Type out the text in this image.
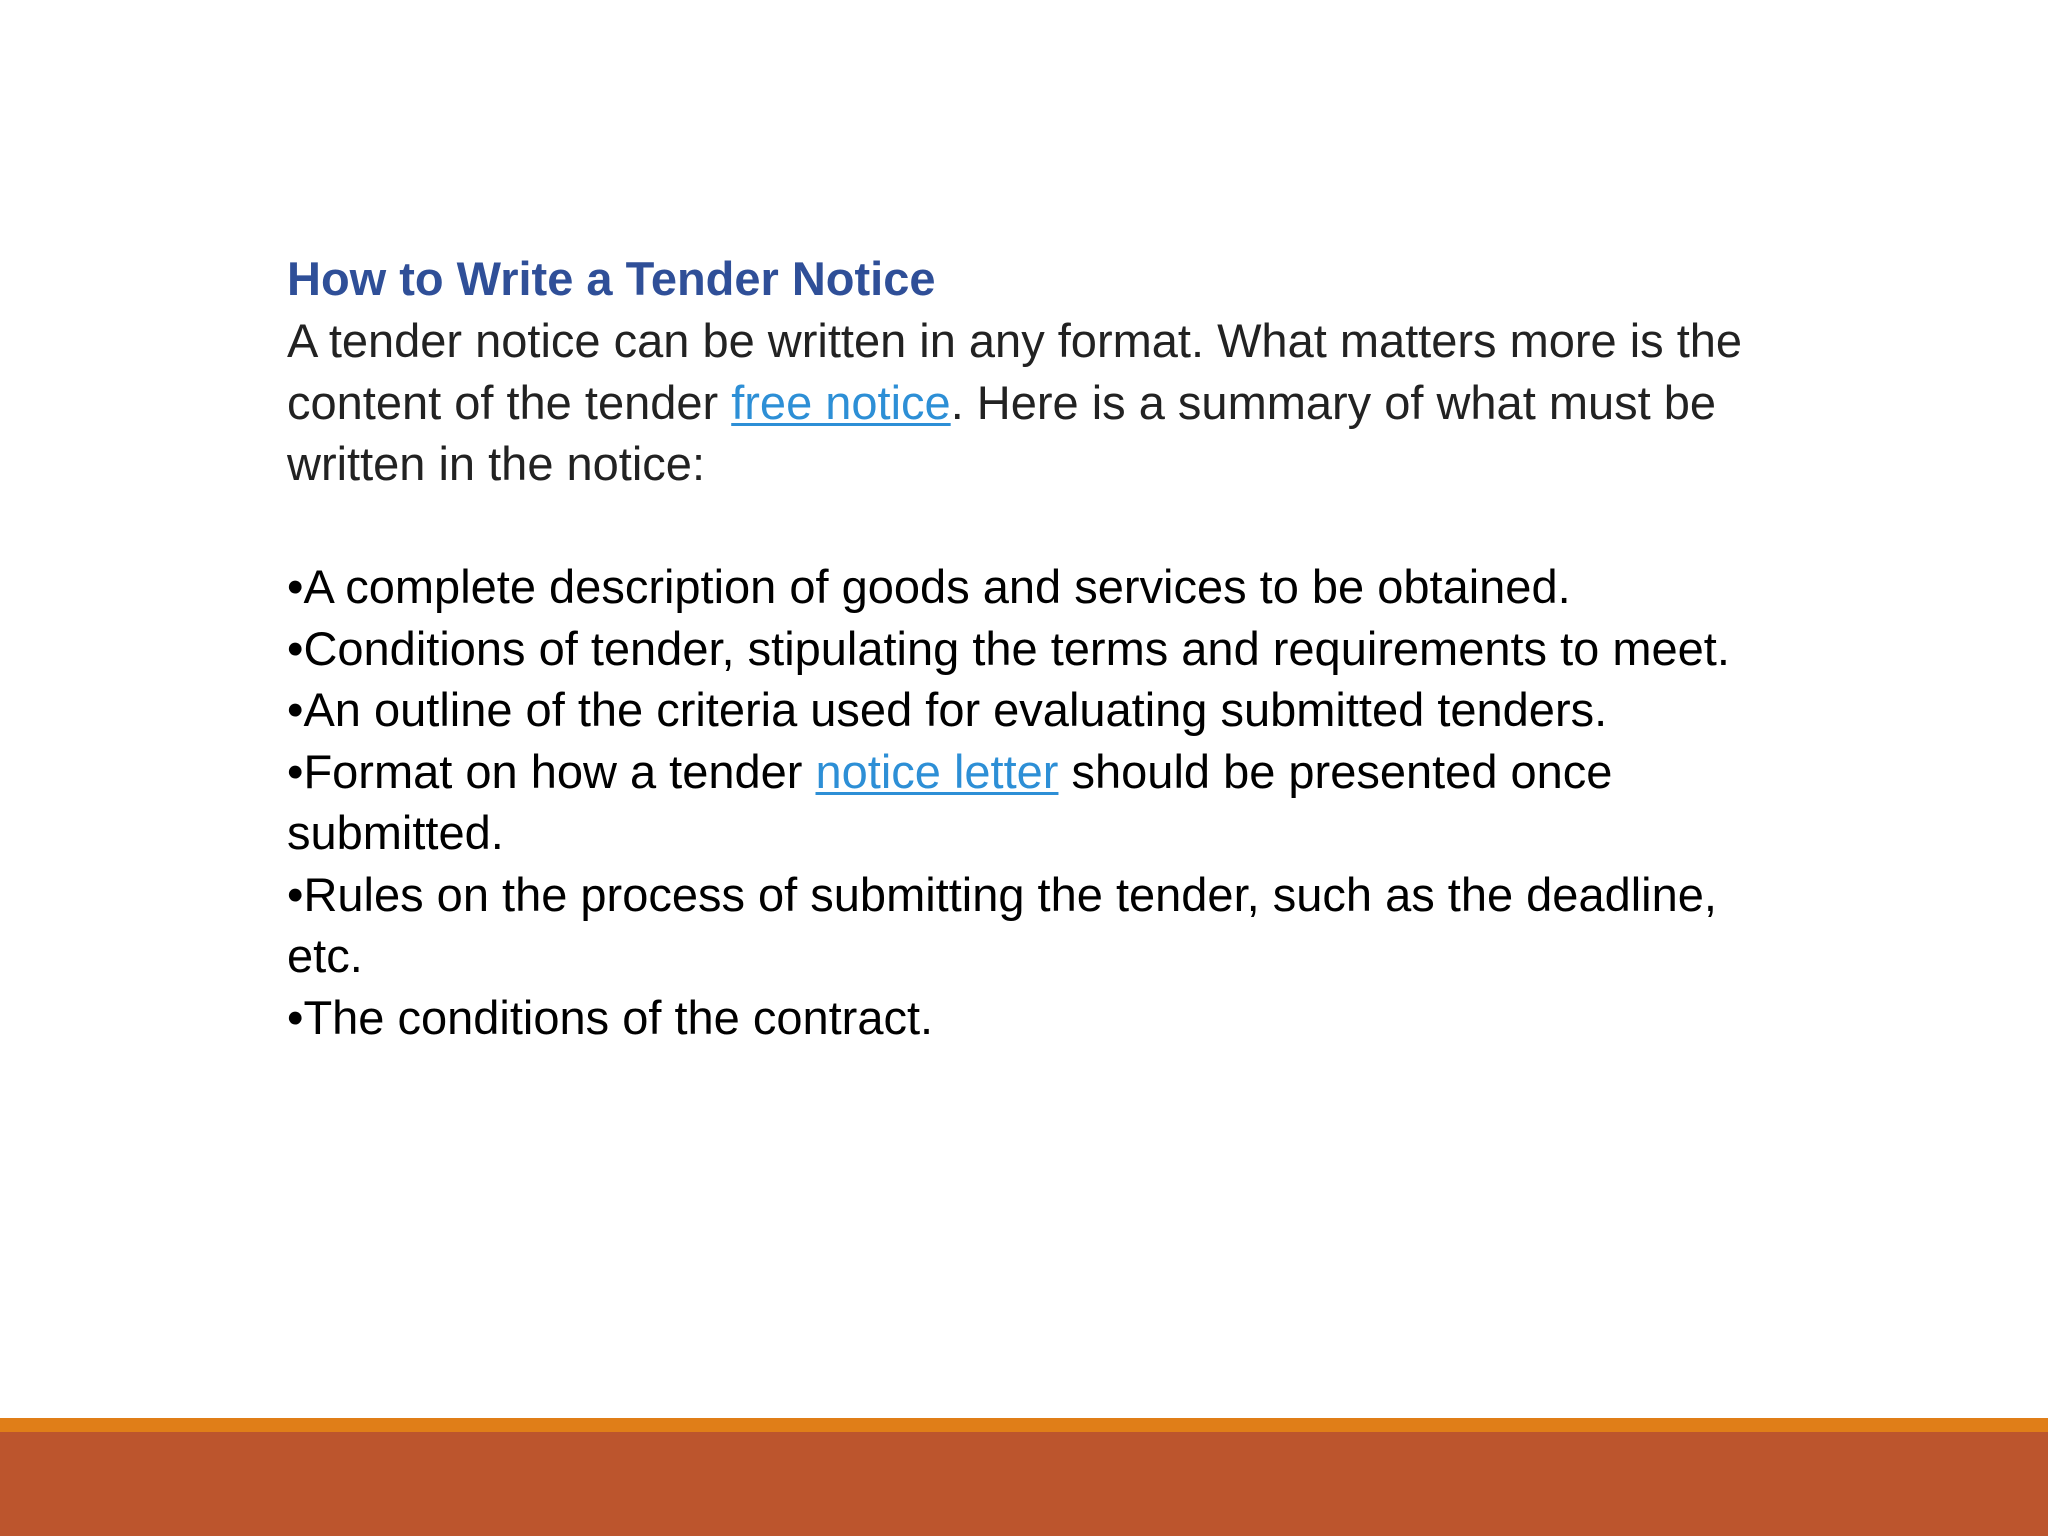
How to Write a Tender Notice

A tender notice can be written in any format. What matters more is the content of the tender free notice. Here is a summary of what must be written in the notice:

•A complete description of goods and services to be obtained.
•Conditions of tender, stipulating the terms and requirements to meet.
•An outline of the criteria used for evaluating submitted tenders.
•Format on how a tender notice letter should be presented once submitted.
•Rules on the process of submitting the tender, such as the deadline, etc.
•The conditions of the contract.
